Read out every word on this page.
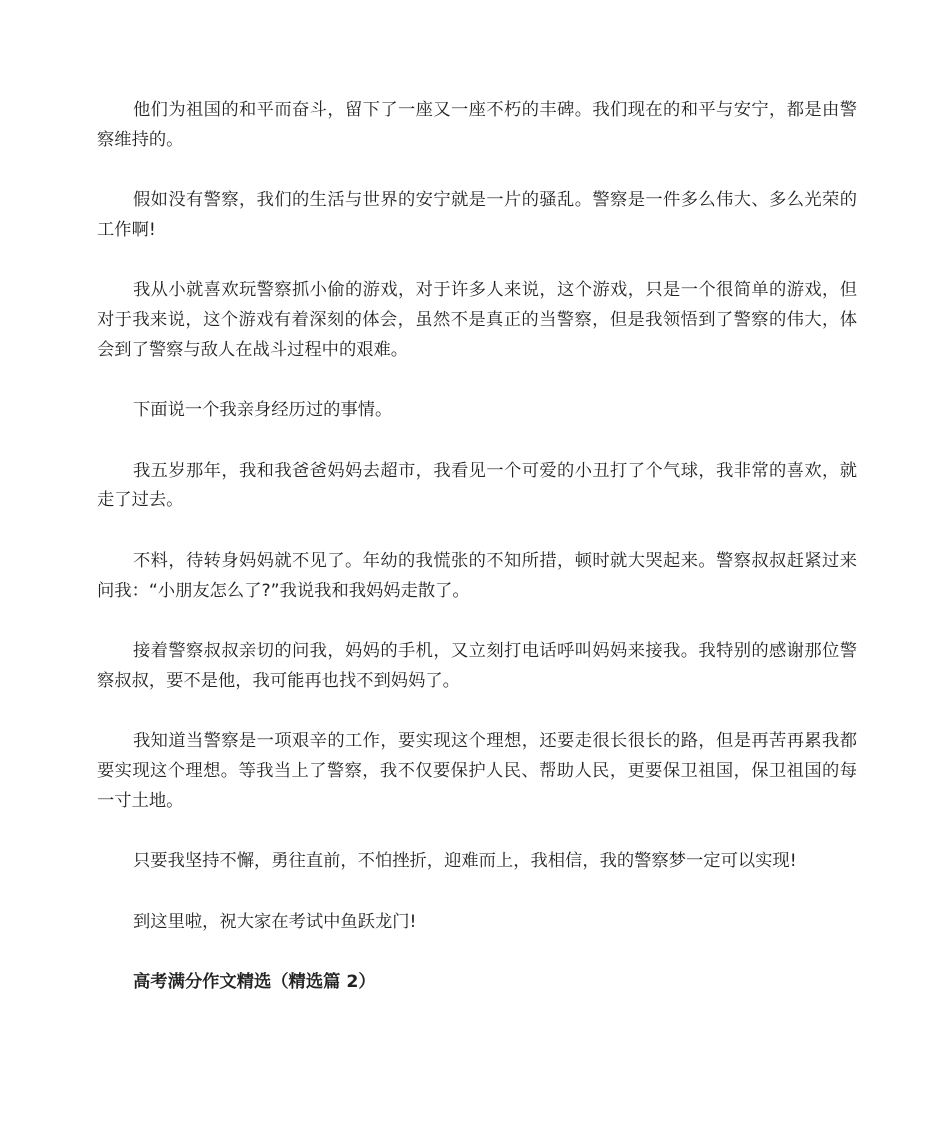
他们为祖国的和平而奋斗，留下了一座又一座不朽的丰碑。我们现在的和平与安宁，都是由警察维持的。

假如没有警察，我们的生活与世界的安宁就是一片的骚乱。警察是一件多么伟大、多么光荣的工作啊!

我从小就喜欢玩警察抓小偷的游戏，对于许多人来说，这个游戏，只是一个很简单的游戏，但对于我来说，这个游戏有着深刻的体会，虽然不是真正的当警察，但是我领悟到了警察的伟大，体会到了警察与敌人在战斗过程中的艰难。

下面说一个我亲身经历过的事情。

我五岁那年，我和我爸爸妈妈去超市，我看见一个可爱的小丑打了个气球，我非常的喜欢，就走了过去。

不料，待转身妈妈就不见了。年幼的我慌张的不知所措，顿时就大哭起来。警察叔叔赶紧过来问我：“小朋友怎么了?”我说我和我妈妈走散了。

接着警察叔叔亲切的问我，妈妈的手机，又立刻打电话呼叫妈妈来接我。我特别的感谢那位警察叔叔，要不是他，我可能再也找不到妈妈了。

我知道当警察是一项艰辛的工作，要实现这个理想，还要走很长很长的路，但是再苦再累我都要实现这个理想。等我当上了警察，我不仅要保护人民、帮助人民，更要保卫祖国，保卫祖国的每一寸土地。

只要我坚持不懈，勇往直前，不怕挫折，迎难而上，我相信，我的警察梦一定可以实现!

到这里啦，祝大家在考试中鱼跃龙门!

高考满分作文精选（精选篇 2）
